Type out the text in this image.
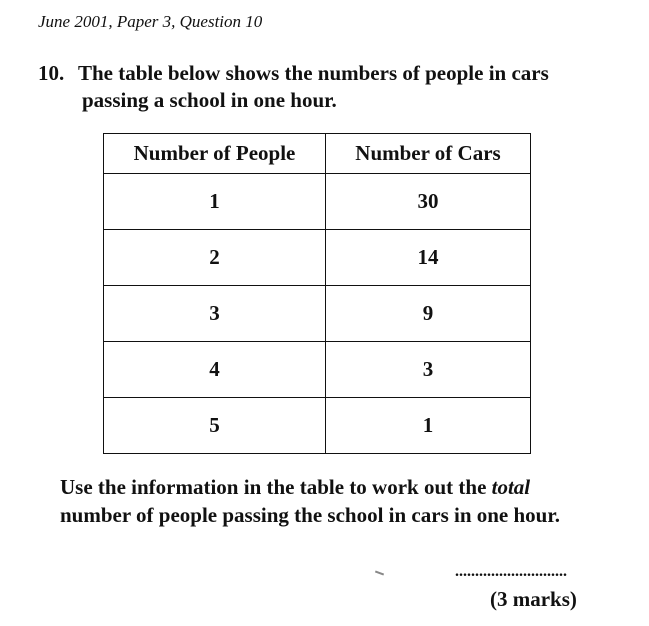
June 2001, Paper 3, Question 10
10. The table below shows the numbers of people in cars
passing a school in one hour.
Number of People	Number of Cars
1	30
2	14
3	9
4	3
5	1
Use the information in the table to work out the total
number of people passing the school in cars in one hour.
............................
(3 marks)
